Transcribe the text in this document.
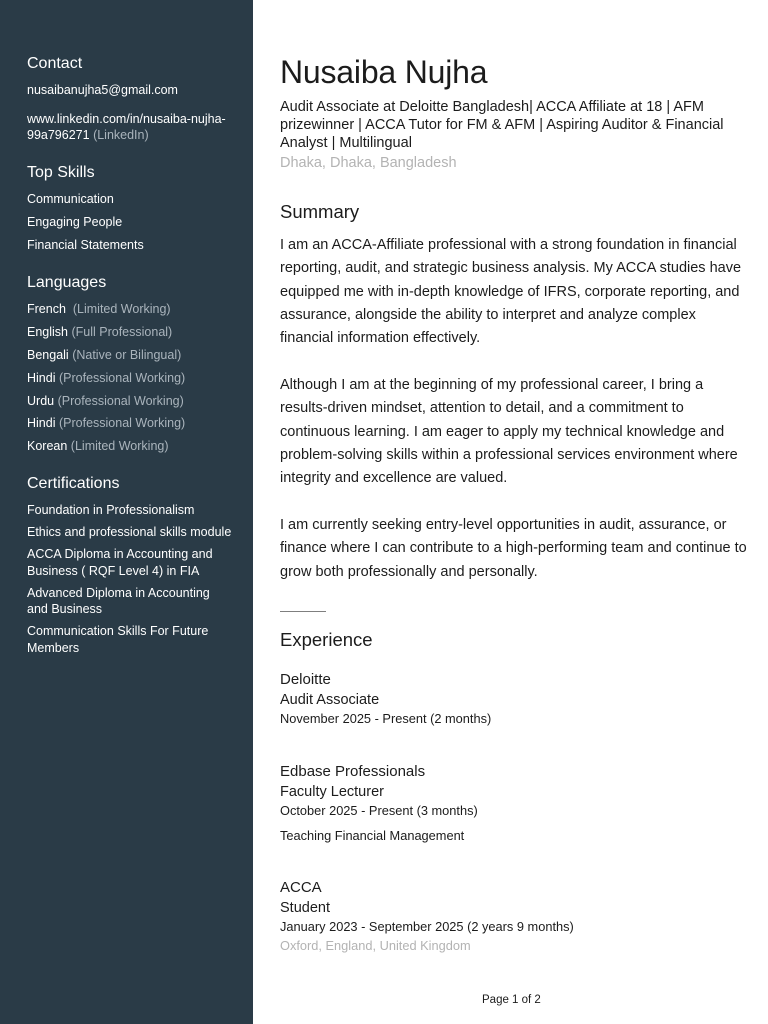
Contact
nusaibanujha5@gmail.com
www.linkedin.com/in/nusaiba-nujha-99a796271 (LinkedIn)
Top Skills
Communication
Engaging People
Financial Statements
Languages
French (Limited Working)
English (Full Professional)
Bengali (Native or Bilingual)
Hindi (Professional Working)
Urdu (Professional Working)
Hindi (Professional Working)
Korean (Limited Working)
Certifications
Foundation in Professionalism
Ethics and professional skills module
ACCA Diploma in Accounting and Business ( RQF Level 4) in FIA
Advanced Diploma in Accounting and Business
Communication Skills For Future Members
Nusaiba Nujha
Audit Associate at Deloitte Bangladesh| ACCA Affiliate at 18 | AFM prizewinner | ACCA Tutor for FM & AFM | Aspiring Auditor & Financial Analyst | Multilingual
Dhaka, Dhaka, Bangladesh
Summary
I am an ACCA-Affiliate professional with a strong foundation in financial reporting, audit, and strategic business analysis. My ACCA studies have equipped me with in-depth knowledge of IFRS, corporate reporting, and assurance, alongside the ability to interpret and analyze complex financial information effectively.
Although I am at the beginning of my professional career, I bring a results-driven mindset, attention to detail, and a commitment to continuous learning. I am eager to apply my technical knowledge and problem-solving skills within a professional services environment where integrity and excellence are valued.
I am currently seeking entry-level opportunities in audit, assurance, or finance where I can contribute to a high-performing team and continue to grow both professionally and personally.
Experience
Deloitte
Audit Associate
November 2025 - Present (2 months)
Edbase Professionals
Faculty Lecturer
October 2025 - Present (3 months)
Teaching Financial Management
ACCA
Student
January 2023 - September 2025 (2 years 9 months)
Oxford, England, United Kingdom
Page 1 of 2
